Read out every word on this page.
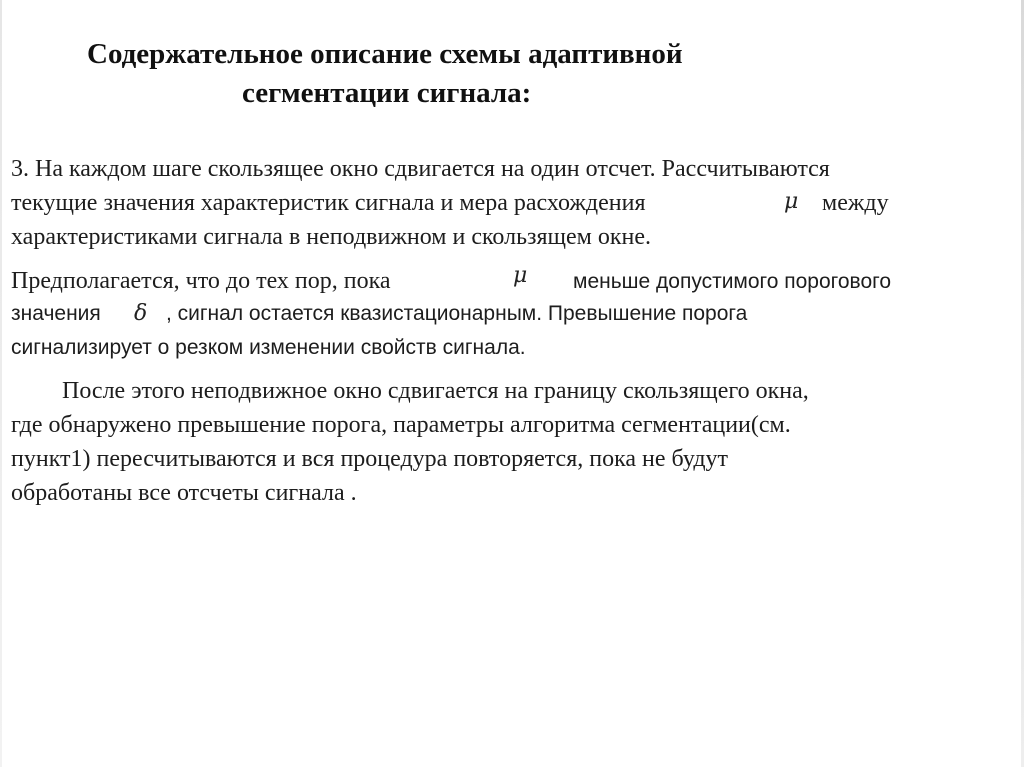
Содержательное описание схемы адаптивной
сегментации сигнала:

3. На каждом шаге скользящее окно сдвигается на один отсчет. Рассчитываются

текущие значения характеристик сигнала и мера расхождения	μ между

характеристиками сигнала в неподвижном и скользящем окне.

Предполагается, что до тех пор, пока	μ меньше допустимого порогового

значения δ , сигнал остается квазистационарным. Превышение порога

сигнализирует о резком изменении свойств сигнала.

После этого неподвижное окно сдвигается на границу скользящего окна,

где обнаружено превышение порога, параметры алгоритма сегментации(см.

пункт1) пересчитываются и вся процедура повторяется, пока не будут

обработаны все отсчеты сигнала .
